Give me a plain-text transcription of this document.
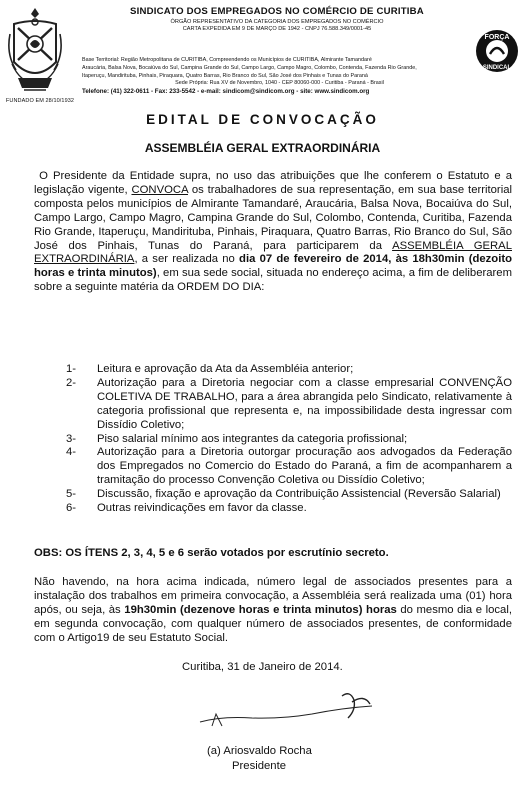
FUNDADO EM 28/10/1932
SINDICATO DOS EMPREGADOS NO COMÉRCIO DE CURITIBA
ÓRGÃO REPRESENTATIVO DA CATEGORIA DOS EMPREGADOS NO COMÉRCIO
CARTA EXPEDIDA EM 9 DE MARÇO DE 1942 - CNPJ 76.588.349/0001-45
Base Territorial: Região Metropolitana de CURITIBA, Compreendendo os Municípios de CURITIBA, Almirante Tamandaré
Araucária, Balsa Nova, Bocaiúva do Sul, Campina Grande do Sul, Campo Largo, Campo Magro, Colombo, Contenda, Fazenda Rio Grande,
Itaperuçu, Mandirituba, Pinhais, Piraquara, Quatro Barras, Rio Branco do Sul, São José dos Pinhais e Tunas do Paraná
Sede Própria: Rua XV de Novembro, 1040 - CEP 80060-000 - Curitiba - Paraná - Brasil
Telefone: (41) 322-0611 - Fax: 233-5542 - e-mail: sindicom@sindicom.org - site: www.sindicom.org
FORÇA
SINDICAL
EDITAL DE CONVOCAÇÃO
ASSEMBLÉIA GERAL EXTRAORDINÁRIA

O Presidente da Entidade supra, no uso das atribuições que lhe conferem o Estatuto e a legislação vigente, CONVOCA os trabalhadores de sua representação, em sua base territorial composta pelos municípios de Almirante Tamandaré, Araucária, Balsa Nova, Bocaiúva do Sul, Campo Largo, Campo Magro, Campina Grande do Sul, Colombo, Contenda, Curitiba, Fazenda Rio Grande, Itaperuçu, Mandirituba, Pinhais, Piraquara, Quatro Barras, Rio Branco do Sul, São José dos Pinhais, Tunas do Paraná, para participarem da ASSEMBLÉIA GERAL EXTRAORDINÁRIA, a ser realizada no dia 07 de fevereiro de 2014, às 18h30min (dezoito horas e trinta minutos), em sua sede social, situada no endereço acima, a fim de deliberarem sobre a seguinte matéria da ORDEM DO DIA:

1- Leitura e aprovação da Ata da Assembléia anterior;
2- Autorização para a Diretoria negociar com a classe empresarial CONVENÇÃO COLETIVA DE TRABALHO, para a área abrangida pelo Sindicato, relativamente à categoria profissional que representa e, na impossibilidade desta ingressar com Dissídio Coletivo;
3- Piso salarial mínimo aos integrantes da categoria profissional;
4- Autorização para a Diretoria outorgar procuração aos advogados da Federação dos Empregados no Comercio do Estado do Paraná, a fim de acompanharem a tramitação do processo Convenção Coletiva ou Dissídio Coletivo;
5- Discussão, fixação e aprovação da Contribuição Assistencial (Reversão Salarial)
6- Outras reivindicações em favor da classe.
OBS: OS ÍTENS 2, 3, 4, 5 e 6 serão votados por escrutínio secreto.
Não havendo, na hora acima indicada, número legal de associados presentes para a instalação dos trabalhos em primeira convocação, a Assembléia será realizada uma (01) hora após, ou seja, às 19h30min (dezenove horas e trinta minutos) horas do mesmo dia e local, em segunda convocação, com qualquer número de associados presentes, de conformidade com o Artigo19 de seu Estatuto Social.
Curitiba, 31 de Janeiro de 2014.
(a) Ariosvaldo Rocha
Presidente
